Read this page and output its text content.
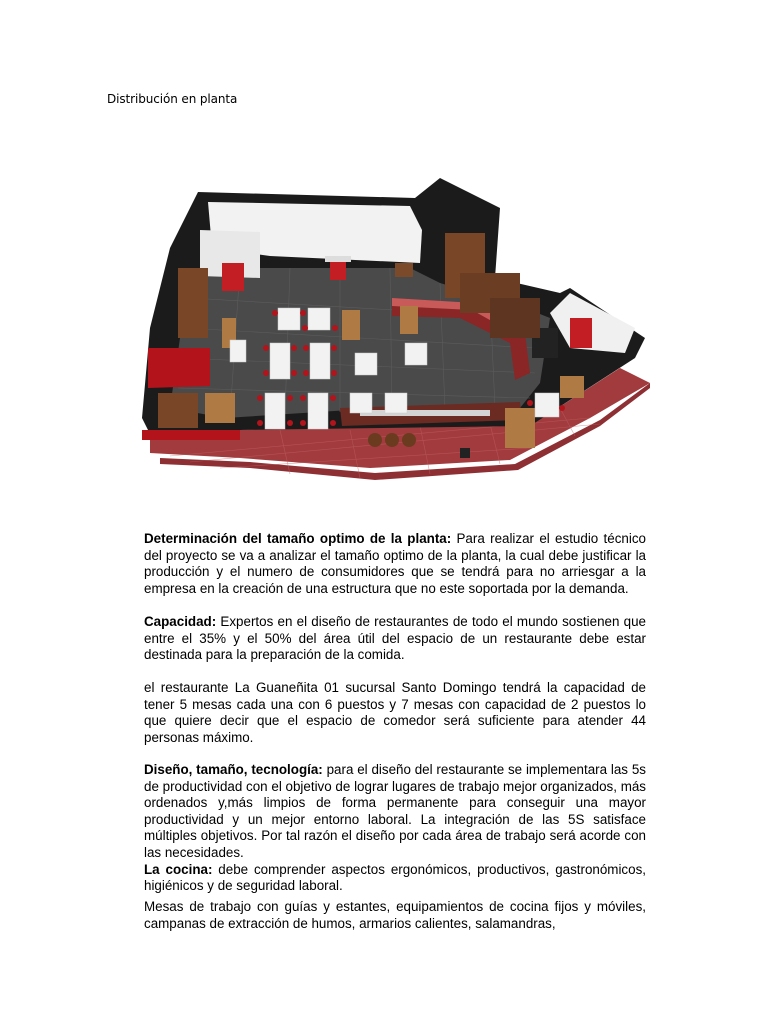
Distribución en planta
Determinación del tamaño optimo de la planta: Para realizar el estudio técnico del proyecto se va a analizar el tamaño optimo de la planta, la cual debe justificar la producción y el numero de consumidores que se tendrá para no arriesgar a la empresa en la creación de una estructura que no este soportada por la demanda.
Capacidad: Expertos en el diseño de restaurantes de todo el mundo sostienen que entre el 35% y el 50% del área útil del espacio de un restaurante debe estar destinada para la preparación de la comida.
el restaurante La Guaneñita 01 sucursal Santo Domingo tendrá la capacidad de tener 5 mesas cada una con 6 puestos y 7 mesas con capacidad de 2 puestos lo que quiere decir que el espacio de comedor será suficiente para atender 44 personas máximo.
Diseño, tamaño, tecnología: para el diseño del restaurante se implementara las 5s de productividad con el objetivo de lograr lugares de trabajo mejor organizados, más ordenados y,más limpios de forma permanente para conseguir una mayor productividad y un mejor entorno laboral. La integración de las 5S satisface múltiples objetivos. Por tal razón el diseño por cada área de trabajo será acorde con las necesidades.
La cocina: debe comprender aspectos ergonómicos, productivos, gastronómicos, higiénicos y de seguridad laboral.
Mesas de trabajo con guías y estantes, equipamientos de cocina fijos y móviles, campanas de extracción de humos, armarios calientes, salamandras,
